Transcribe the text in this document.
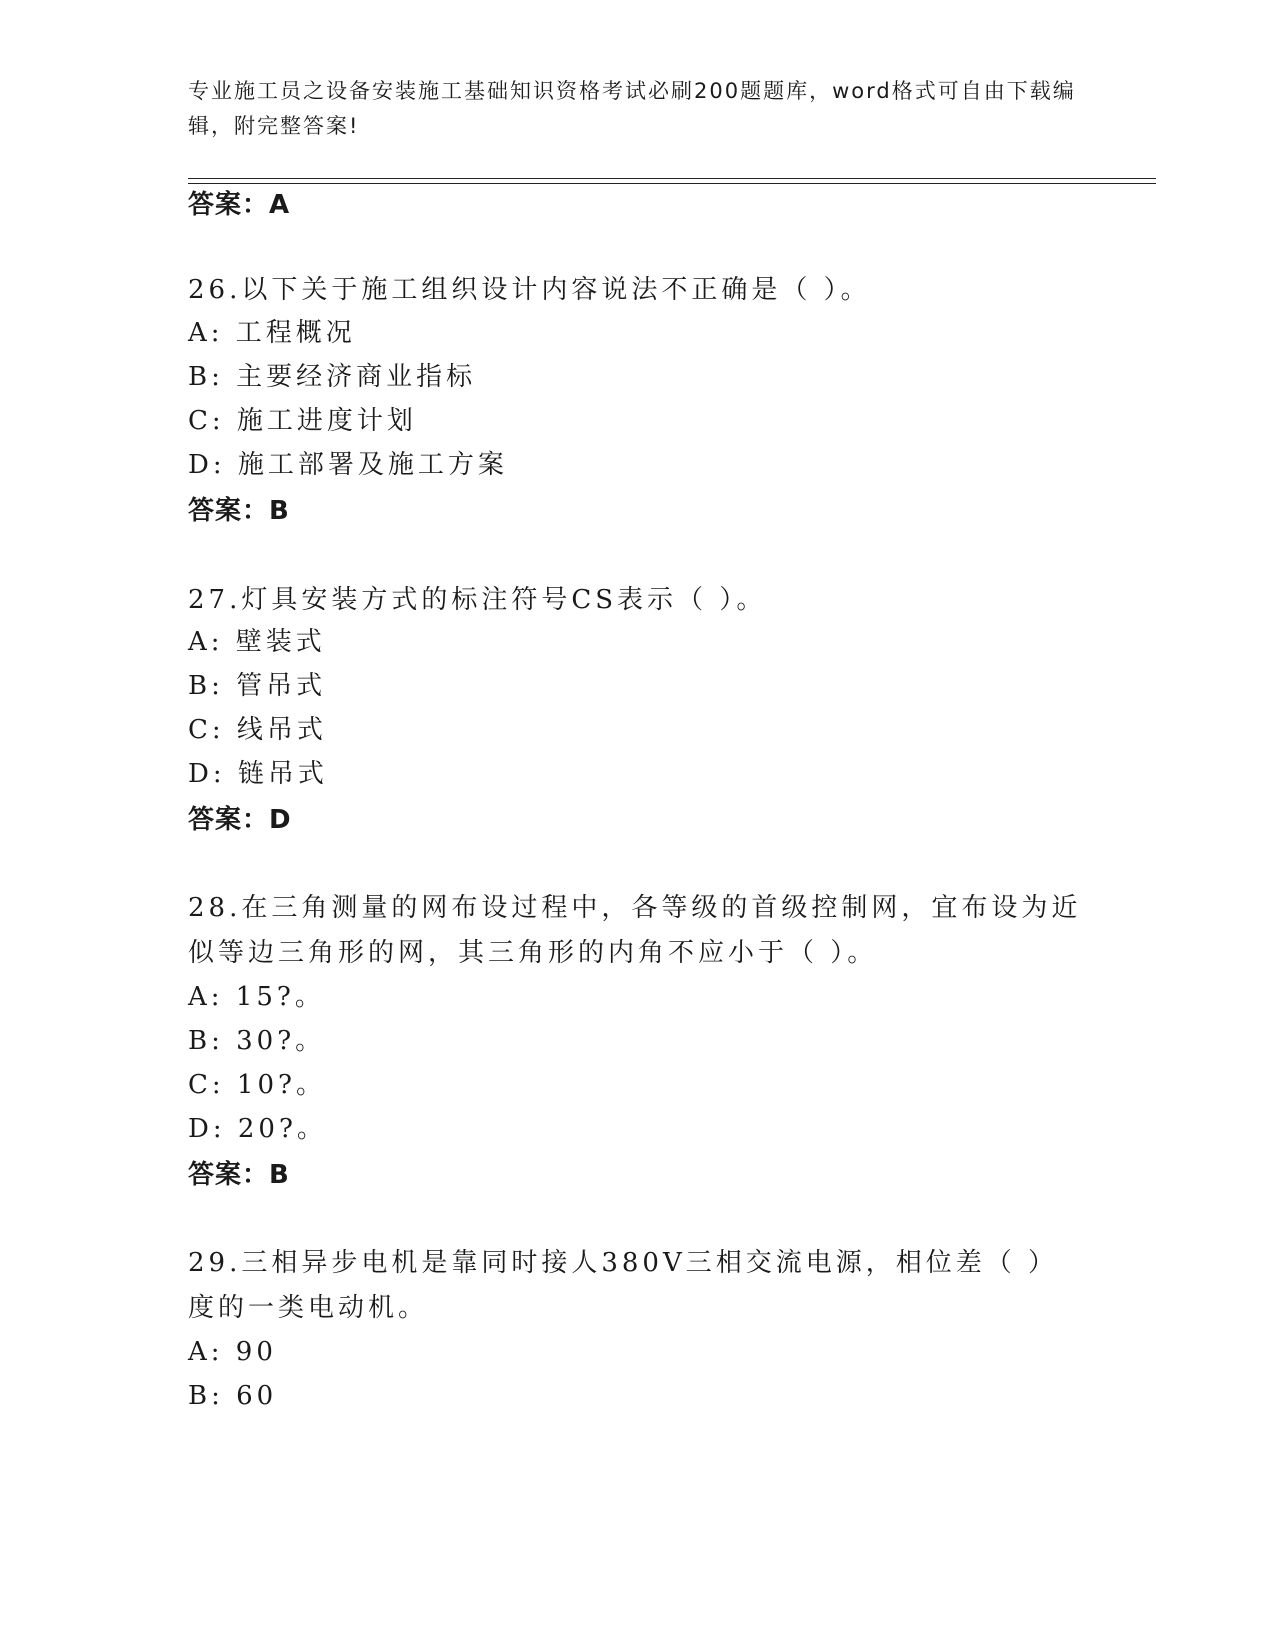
专业施工员之设备安装施工基础知识资格考试必刷200题题库，word格式可自由下载编辑，附完整答案!
答案：A
26.以下关于施工组织设计内容说法不正确是（ ）。
A: 工程概况
B: 主要经济商业指标
C: 施工进度计划
D: 施工部署及施工方案
答案：B
27.灯具安装方式的标注符号CS表示（ ）。
A: 壁装式
B: 管吊式
C: 线吊式
D: 链吊式
答案：D
28.在三角测量的网布设过程中，各等级的首级控制网，宜布设为近似等边三角形的网，其三角形的内角不应小于（ ）。
A: 15?。
B: 30?。
C: 10?。
D: 20?。
答案：B
29.三相异步电机是靠同时接人380V三相交流电源，相位差（ ）度的一类电动机。
A: 90
B: 60
